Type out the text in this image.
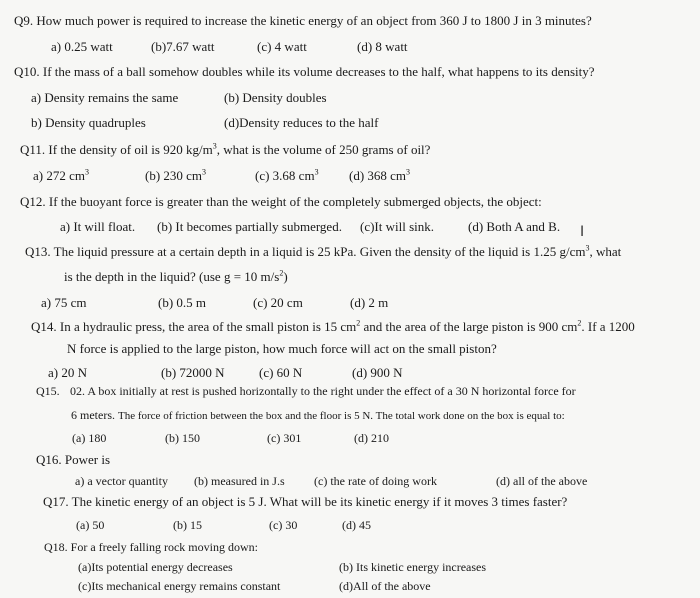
Q9. How much power is required to increase the kinetic energy of an object from 360 J to 1800 J in 3 minutes?
a) 0.25 watt	(b)7.67 watt	(c) 4 watt	(d) 8 watt
Q10. If the mass of a ball somehow doubles while its volume decreases to the half, what happens to its density?
a) Density remains the same	(b) Density doubles
b) Density quadruples	(d)Density reduces to the half
Q11. If the density of oil is 920 $kg/m^3$, what is the volume of 250 grams of oil?
a) 272 $cm^3$	(b) 230 $cm^3$	(c) 3.68 $cm^3$ (d) 368 $cm^3$
Q12. If the buoyant force is greater than the weight of the completely submerged objects, the object:
a) It will float. (b) It becomes partially submerged. (c)It will sink.	(d) Both A and B. I
Q13. The liquid pressure at a certain depth in a liquid is 25 kPa. Given the density of the liquid is 1.25 $g/cm^3$, what
is the depth in the liquid? (use g = 10 $m/s^2$)
a) 75 cm	(b) 0.5 m	(c) 20 cm	(d) 2 m
Q14. In a hydraulic press, the area of the small piston is 15 $cm^2$ and the area of the large piston is 900 $cm^2$. If a 1200
N force is applied to the large piston, how much force will act on the small piston?
a) 20 N	(b) 72000 N	(c) 60 N	(d) 900 N
Q15. 02. A box initially at rest is pushed horizontally to the right under the effect of a 30 N horizontal force for
6 meters. The force of friction between the box and the floor is 5 N. The total work done on the box is equal to:
(a) 180	(b) 150	(c) 301	(d) 210
Q16. Power is
a) a vector quantity (b) measured in J.s (c) the rate of doing work	(d) all of the above
Q17. The kinetic energy of an object is 5 J. What will be its kinetic energy if it moves 3 times faster?
(a) 50	(b) 15	(c) 30	(d) 45
Q18. For a freely falling rock moving down:
(a)Its potential energy decreases	(b) Its kinetic energy increases
(c)Its mechanical energy remains constant	(d)All of the above
